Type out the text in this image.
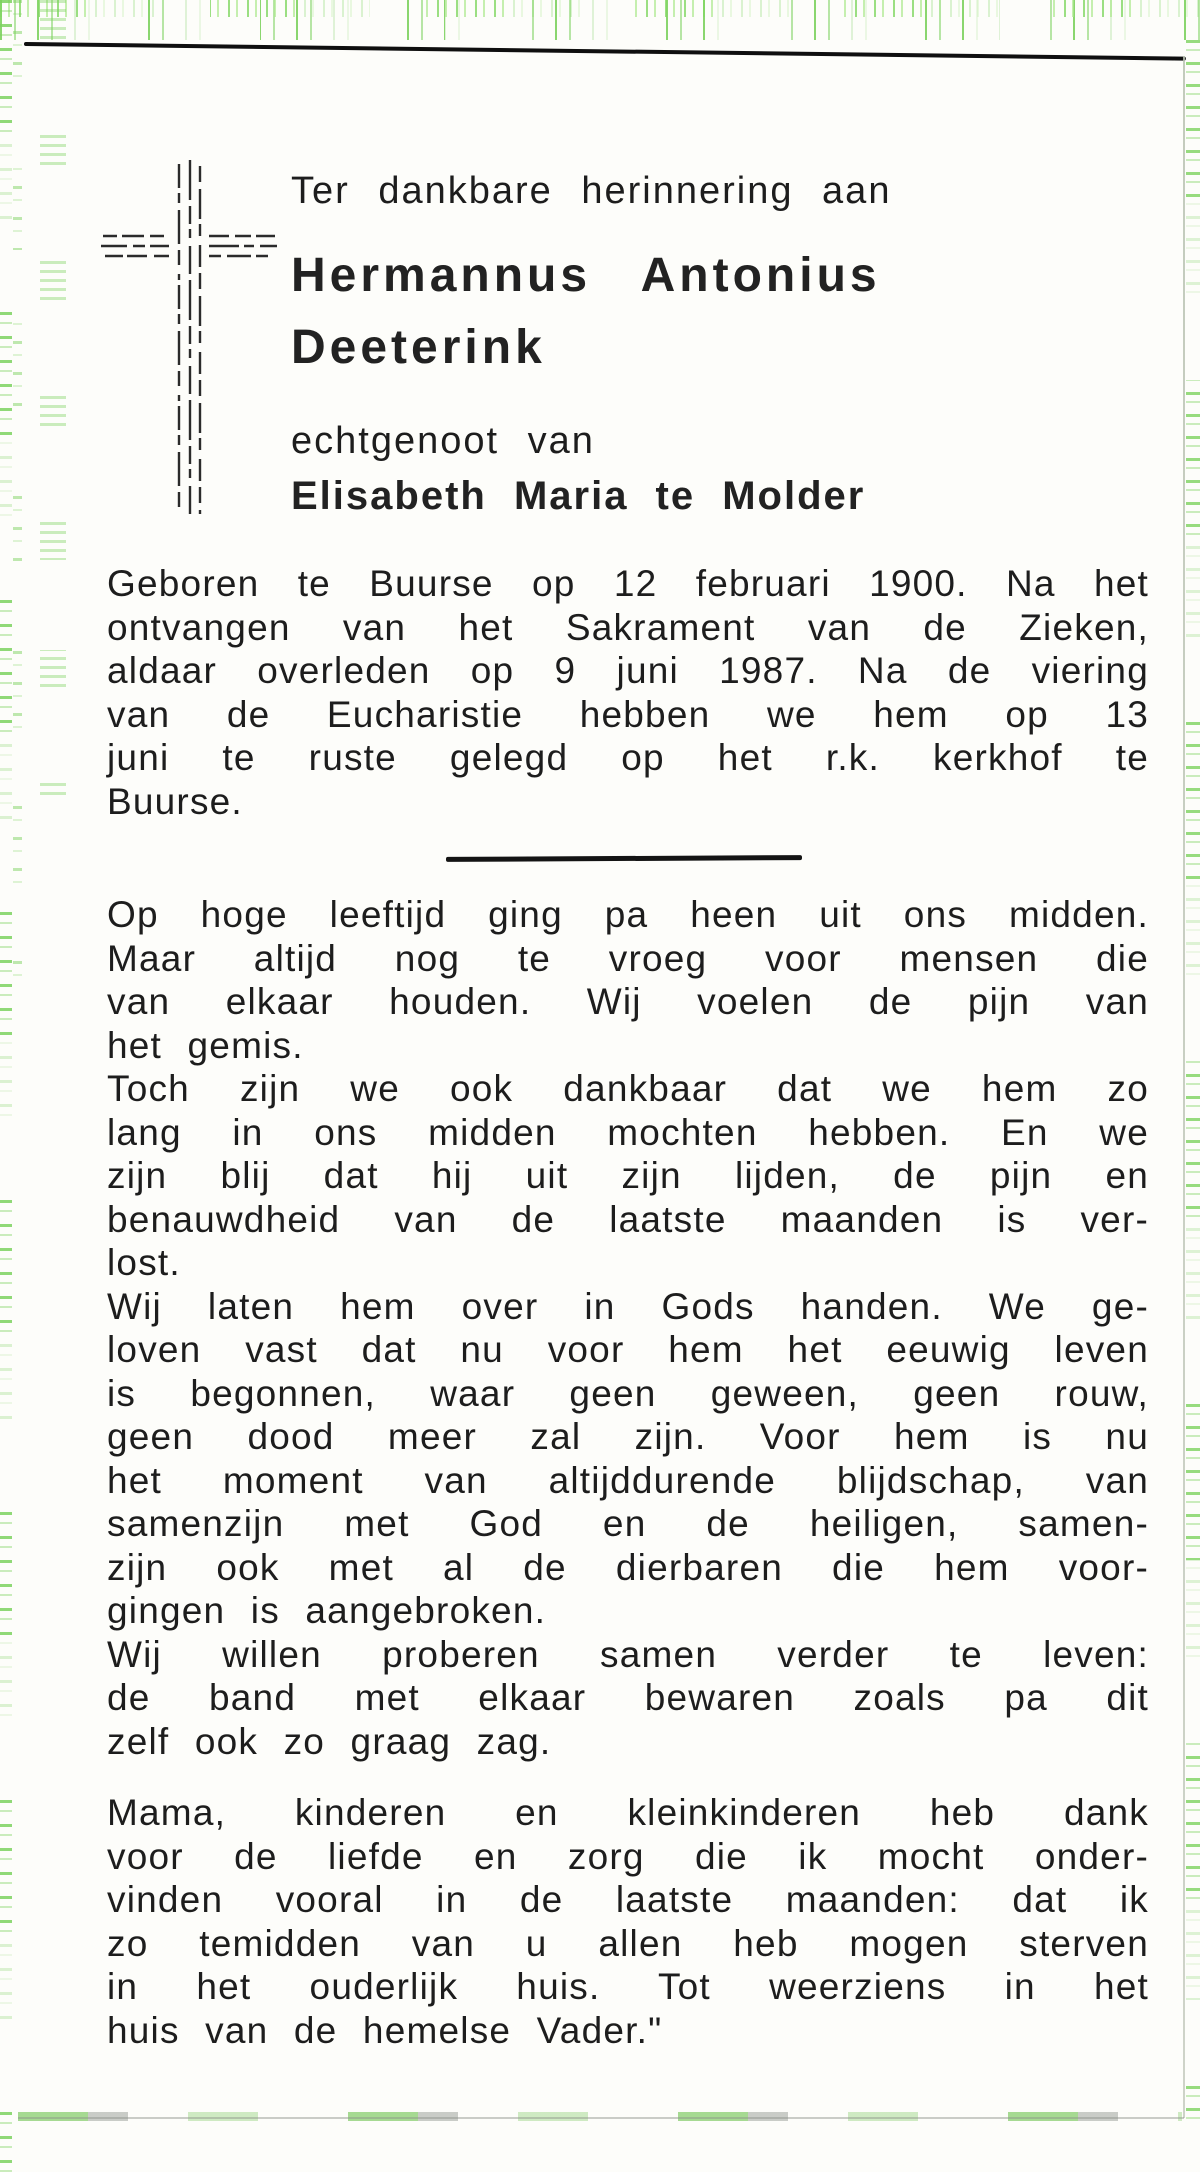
Ter dankbare herinnering aan
Hermannus Antonius
Deeterink
echtgenoot van
Elisabeth Maria te Molder
Geboren te Buurse op 12 februari 1900. Na het
ontvangen van het Sakrament van de Zieken,
aldaar overleden op 9 juni 1987. Na de viering
van de Eucharistie hebben we hem op 13
juni te ruste gelegd op het r.k. kerkhof te
Buurse.
Op hoge leeftijd ging pa heen uit ons midden.
Maar altijd nog te vroeg voor mensen die
van elkaar houden. Wij voelen de pijn van
het gemis.
Toch zijn we ook dankbaar dat we hem zo
lang in ons midden mochten hebben. En we
zijn blij dat hij uit zijn lijden, de pijn en
benauwdheid van de laatste maanden is ver-
lost.
Wij laten hem over in Gods handen. We ge-
loven vast dat nu voor hem het eeuwig leven
is begonnen, waar geen geween, geen rouw,
geen dood meer zal zijn. Voor hem is nu
het moment van altijddurende blijdschap, van
samenzijn met God en de heiligen, samen-
zijn ook met al de dierbaren die hem voor-
gingen is aangebroken.
Wij willen proberen samen verder te leven:
de band met elkaar bewaren zoals pa dit
zelf ook zo graag zag.
Mama, kinderen en kleinkinderen heb dank
voor de liefde en zorg die ik mocht onder-
vinden vooral in de laatste maanden: dat ik
zo temidden van u allen heb mogen sterven
in het ouderlijk huis. Tot weerziens in het
huis van de hemelse Vader."
